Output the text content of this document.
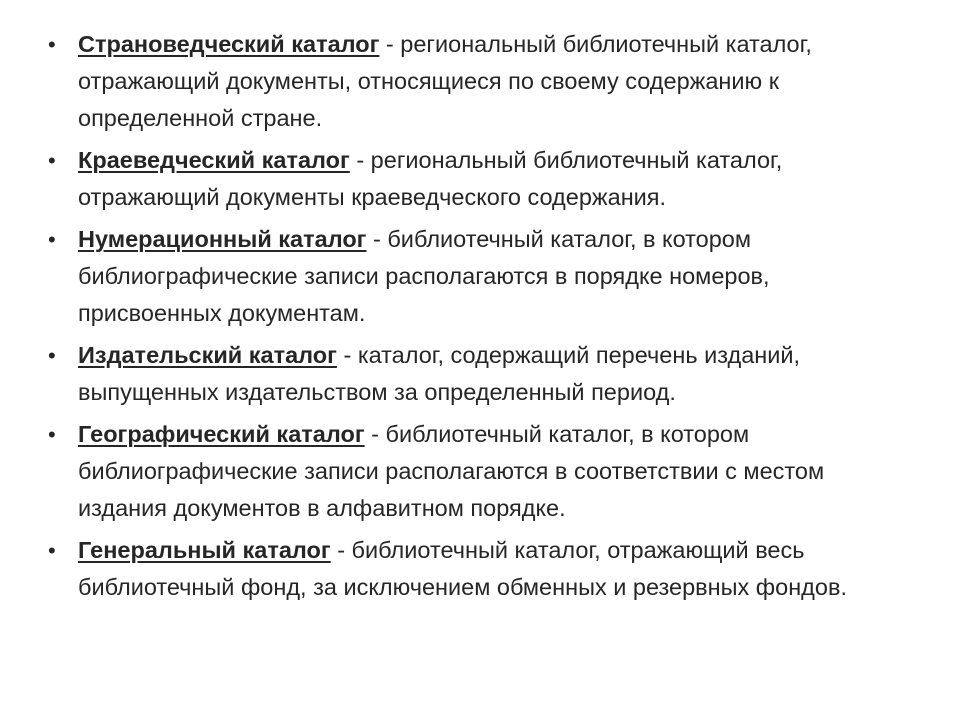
• Страноведческий каталог - региональный библиотечный каталог, отражающий документы, относящиеся по своему содержанию к определенной стране.
• Краеведческий каталог - региональный библиотечный каталог, отражающий документы краеведческого содержания.
• Нумерационный каталог - библиотечный каталог, в котором библиографические записи располагаются в порядке номеров, присвоенных документам.
• Издательский каталог - каталог, содержащий перечень изданий, выпущенных издательством за определенный период.
• Географический каталог - библиотечный каталог, в котором библиографические записи располагаются в соответствии с местом издания документов в алфавитном порядке.
• Генеральный каталог - библиотечный каталог, отражающий весь библиотечный фонд, за исключением обменных и резервных фондов.
